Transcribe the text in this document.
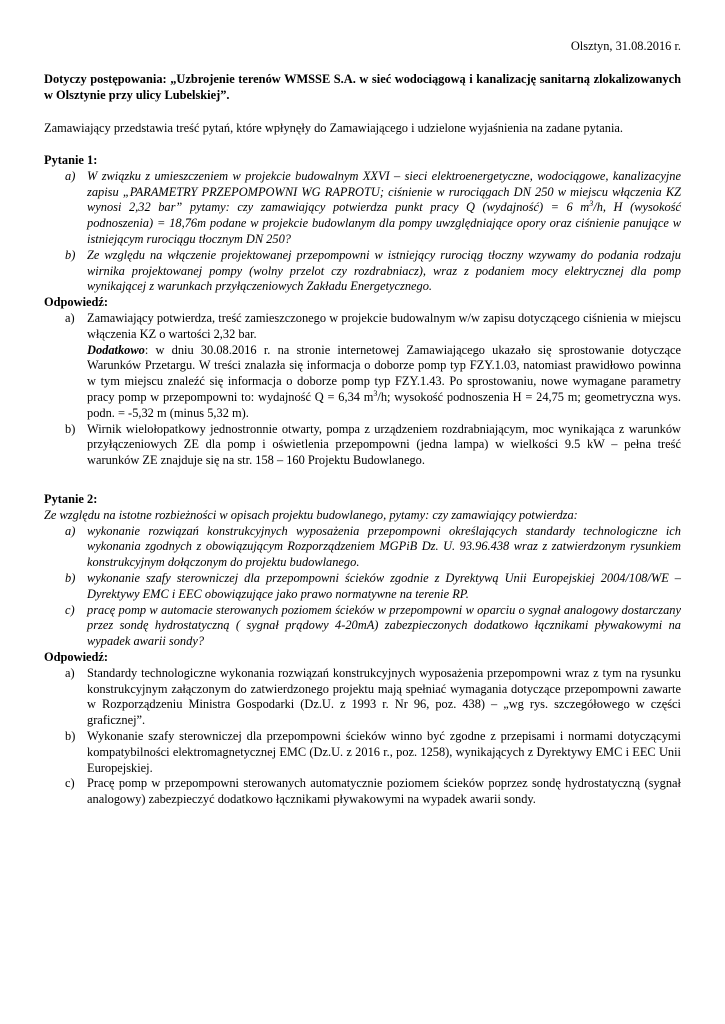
Olsztyn, 31.08.2016 r.
Dotyczy postępowania: „Uzbrojenie terenów WMSSE S.A. w sieć wodociągową i kanalizację sanitarną zlokalizowanych w Olsztynie przy ulicy Lubelskiej”.
Zamawiający przedstawia treść pytań, które wpłynęły do Zamawiającego i udzielone wyjaśnienia na zadane pytania.
Pytanie 1:
a) W związku z umieszczeniem w projekcie budowalnym XXVI – sieci elektroenergetyczne, wodociągowe, kanalizacyjne zapisu „PARAMETRY PRZEPOMPOWNI WG RAPROTU; ciśnienie w rurociągach DN 250 w miejscu włączenia KZ wynosi 2,32 bar” pytamy: czy zamawiający potwierdza punkt pracy Q (wydajność) = 6 $m^3/h$, H (wysokość podnoszenia) = 18,76m podane w projekcie budowlanym dla pompy uwzględniające opory oraz ciśnienie panujące w istniejącym rurociągu tłocznym DN 250?
b) Ze względu na włączenie projektowanej przepompowni w istniejący rurociąg tłoczny wzywamy do podania rodzaju wirnika projektowanej pompy (wolny przelot czy rozdrabniacz), wraz z podaniem mocy elektrycznej dla pomp wynikającej z warunkach przyłączeniowych Zakładu Energetycznego.
Odpowiedź:
a) Zamawiający potwierdza, treść zamieszczonego w projekcie budowalnym w/w zapisu dotyczącego ciśnienia w miejscu włączenia KZ o wartości 2,32 bar.
Dodatkowo: w dniu 30.08.2016 r. na stronie internetowej Zamawiającego ukazało się sprostowanie dotyczące Warunków Przetargu. W treści znalazła się informacja o doborze pomp typ FZY.1.03, natomiast prawidłowo powinna w tym miejscu znaleźć się informacja o doborze pomp typ FZY.1.43. Po sprostowaniu, nowe wymagane parametry pracy pomp w przepompowni to: wydajność Q = 6,34 $m^3/h$; wysokość podnoszenia H = 24,75 m; geometryczna wys. podn. = -5,32 m (minus 5,32 m).
b) Wirnik wielołopatkowy jednostronnie otwarty, pompa z urządzeniem rozdrabniającym, moc wynikająca z warunków przyłączeniowych ZE dla pomp i oświetlenia przepompowni (jedna lampa) w wielkości 9.5 kW – pełna treść warunków ZE znajduje się na str. 158 – 160 Projektu Budowlanego.
Pytanie 2:
Ze względu na istotne rozbieżności w opisach projektu budowlanego, pytamy: czy zamawiający potwierdza:
a) wykonanie rozwiązań konstrukcyjnych wyposażenia przepompowni określających standardy technologiczne ich wykonania zgodnych z obowiązującym Rozporządzeniem MGPiB Dz. U. 93.96.438 wraz z zatwierdzonym rysunkiem konstrukcyjnym dołączonym do projektu budowlanego.
b) wykonanie szafy sterowniczej dla przepompowni ścieków zgodnie z Dyrektywą Unii Europejskiej 2004/108/WE – Dyrektywy EMC i EEC obowiązujące jako prawo normatywne na terenie RP.
c) pracę pomp w automacie sterowanych poziomem ścieków w przepompowni w oparciu o sygnał analogowy dostarczany przez sondę hydrostatyczną ( sygnał prądowy 4-20mA) zabezpieczonych dodatkowo łącznikami pływakowymi na wypadek awarii sondy?
Odpowiedź:
a) Standardy technologiczne wykonania rozwiązań konstrukcyjnych wyposażenia przepompowni wraz z tym na rysunku konstrukcyjnym załączonym do zatwierdzonego projektu mają spełniać wymagania dotyczące przepompowni zawarte w Rozporządzeniu Ministra Gospodarki (Dz.U. z 1993 r. Nr 96, poz. 438) – „wg rys. szczegółowego w części graficznej”.
b) Wykonanie szafy sterowniczej dla przepompowni ścieków winno być zgodne z przepisami i normami dotyczącymi kompatybilności elektromagnetycznej EMC (Dz.U. z 2016 r., poz. 1258), wynikających z Dyrektywy EMC i EEC Unii Europejskiej.
c) Pracę pomp w przepompowni sterowanych automatycznie poziomem ścieków poprzez sondę hydrostatyczną (sygnał analogowy) zabezpieczyć dodatkowo łącznikami pływakowymi na wypadek awarii sondy.
